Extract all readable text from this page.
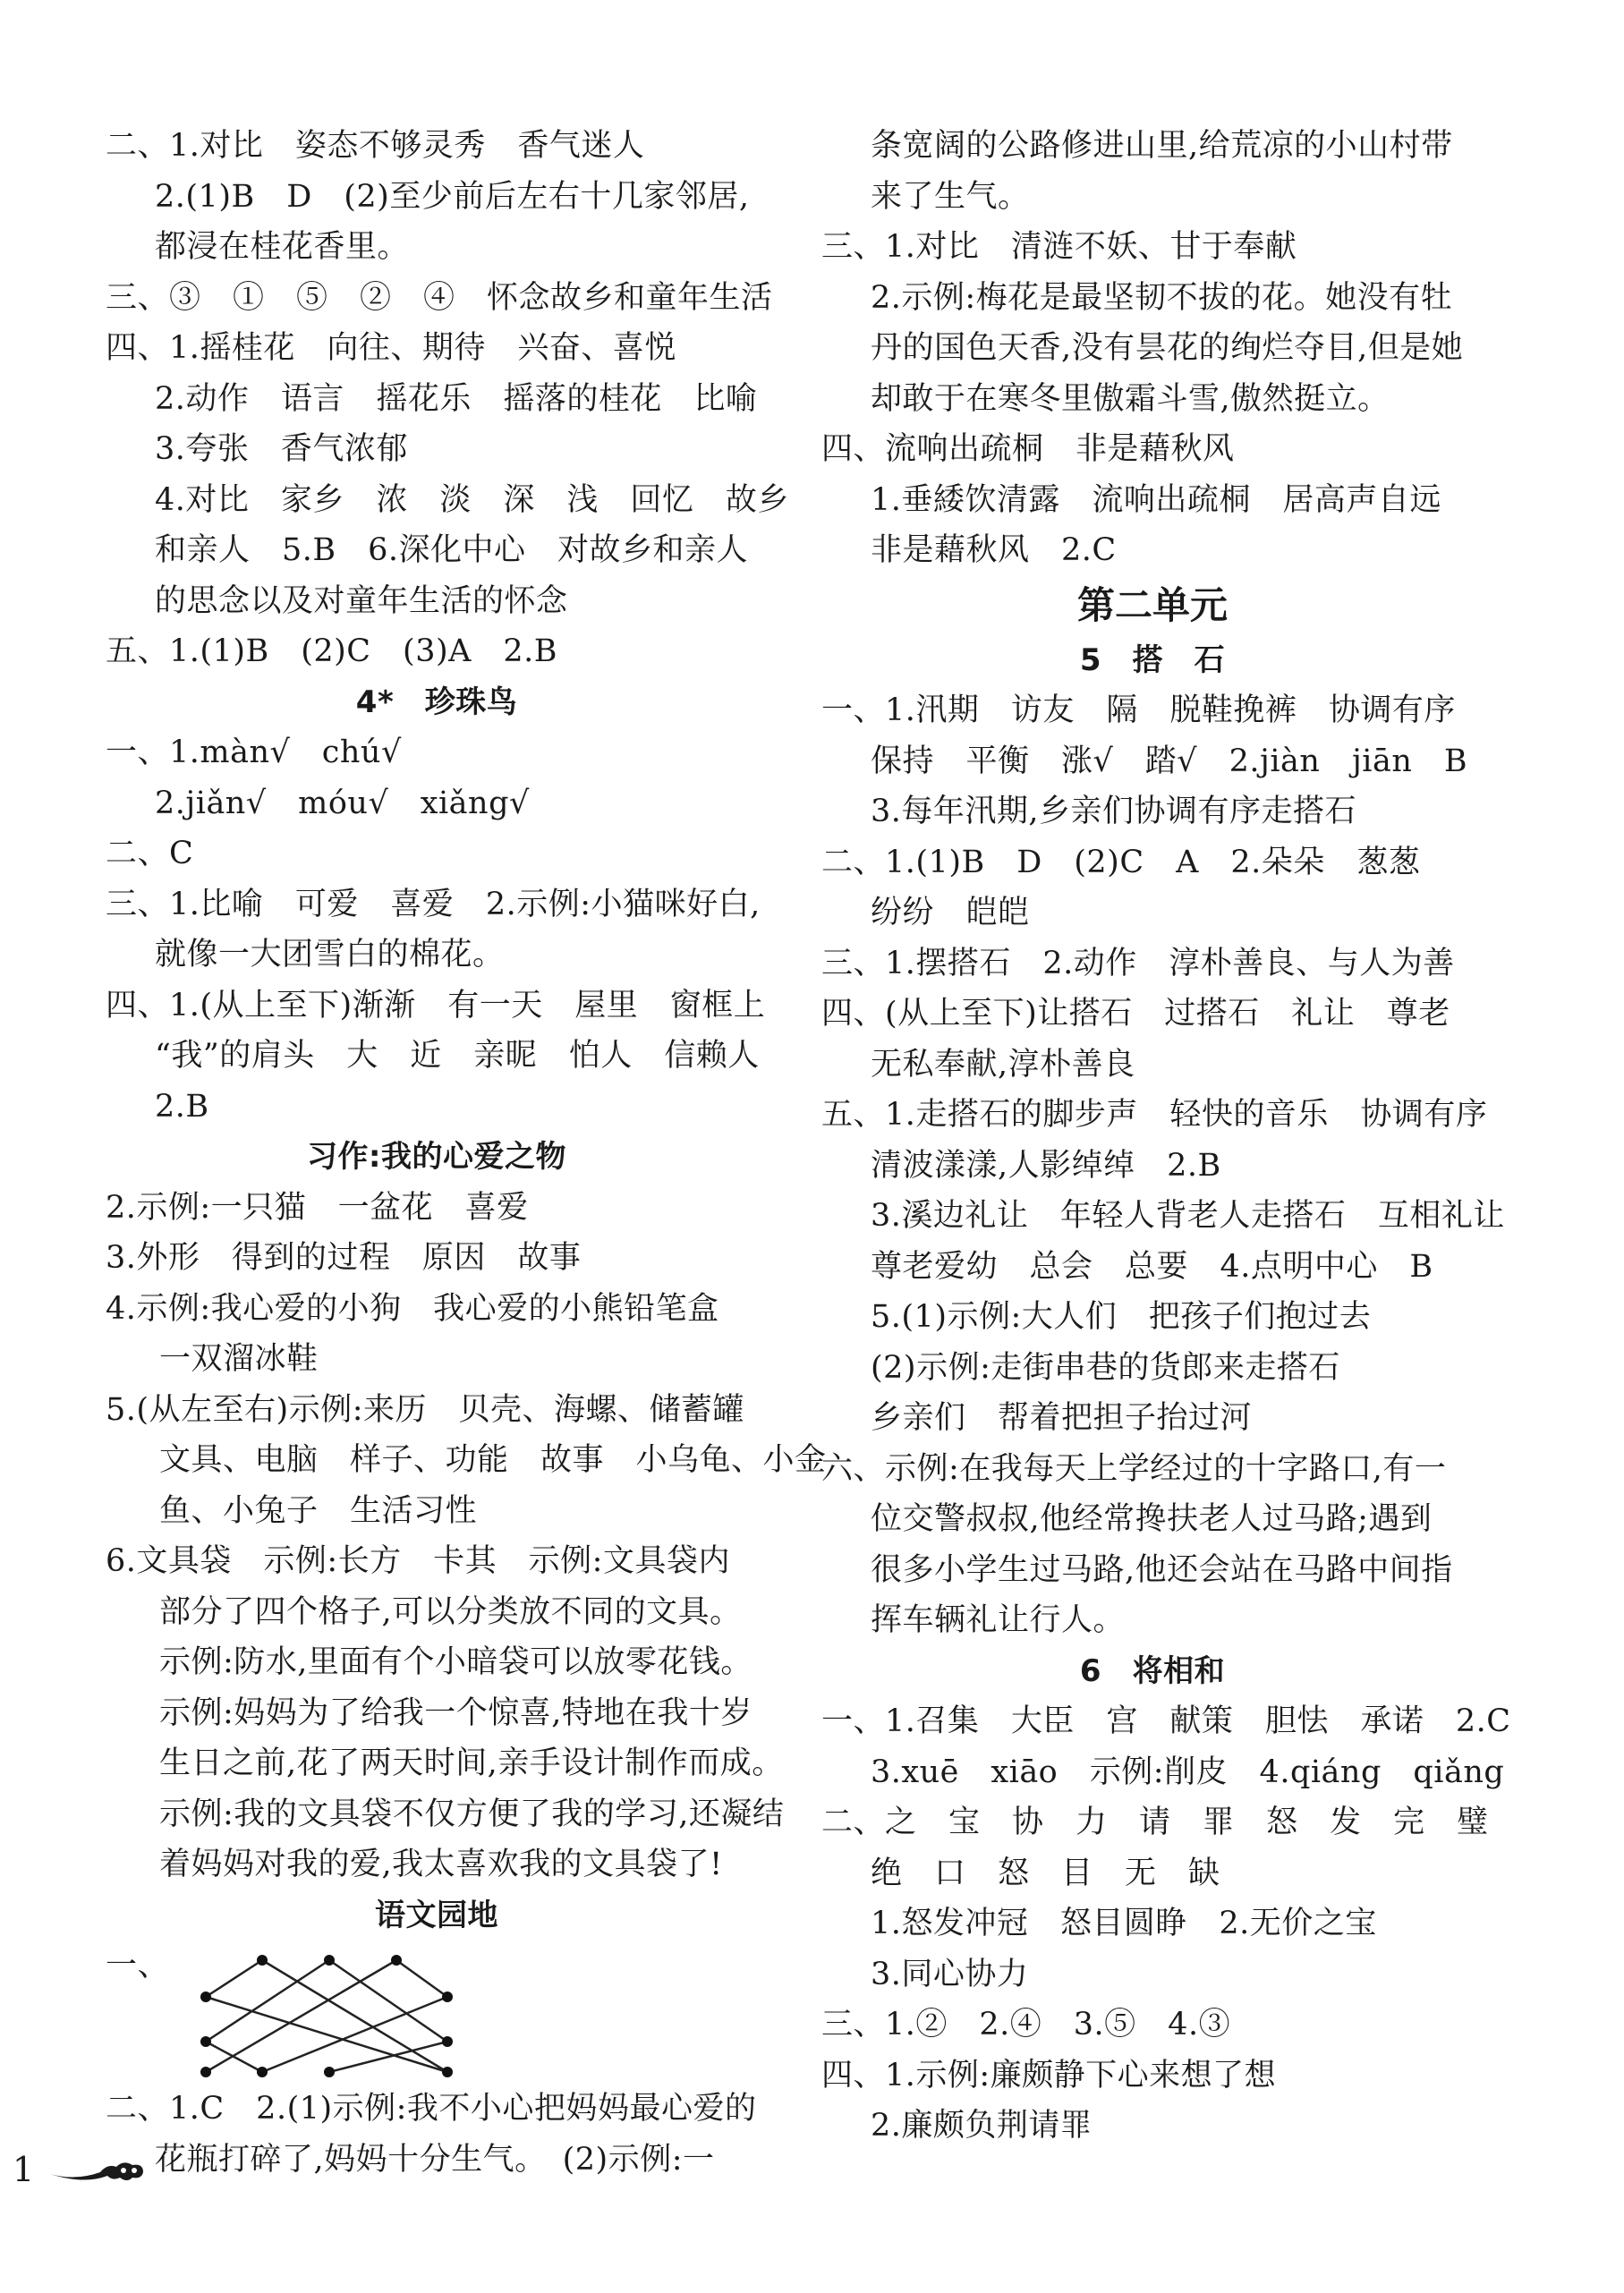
二、1.对比　姿态不够灵秀　香气迷人
2.(1)B　D　(2)至少前后左右十几家邻居,
都浸在桂花香里。
三、③　①　⑤　②　④　怀念故乡和童年生活
四、1.摇桂花　向往、期待　兴奋、喜悦
2.动作　语言　摇花乐　摇落的桂花　比喻
3.夸张　香气浓郁
4.对比　家乡　浓　淡　深　浅　回忆　故乡
和亲人　5.B　6.深化中心　对故乡和亲人
的思念以及对童年生活的怀念
五、1.(1)B　(2)C　(3)A　2.B
4*　珍珠鸟
一、1.màn√　chú√
2.jiǎn√　móu√　xiǎng√
二、C
三、1.比喻　可爱　喜爱　2.示例:小猫咪好白,
就像一大团雪白的棉花。
四、1.(从上至下)渐渐　有一天　屋里　窗框上
“我”的肩头　大　近　亲昵　怕人　信赖人
2.B
习作:我的心爱之物
2.示例:一只猫　一盆花　喜爱
3.外形　得到的过程　原因　故事
4.示例:我心爱的小狗　我心爱的小熊铅笔盒
一双溜冰鞋
5.(从左至右)示例:来历　贝壳、海螺、储蓄罐
文具、电脑　样子、功能　故事　小乌龟、小金
鱼、小兔子　生活习性
6.文具袋　示例:长方　卡其　示例:文具袋内
部分了四个格子,可以分类放不同的文具。
示例:防水,里面有个小暗袋可以放零花钱。
示例:妈妈为了给我一个惊喜,特地在我十岁
生日之前,花了两天时间,亲手设计制作而成。
示例:我的文具袋不仅方便了我的学习,还凝结
着妈妈对我的爱,我太喜欢我的文具袋了!
语文园地
一、
二、1.C　2.(1)示例:我不小心把妈妈最心爱的
花瓶打碎了,妈妈十分生气。　(2)示例:一
条宽阔的公路修进山里,给荒凉的小山村带
来了生气。
三、1.对比　清涟不妖、甘于奉献
2.示例:梅花是最坚韧不拔的花。她没有牡
丹的国色天香,没有昙花的绚烂夺目,但是她
却敢于在寒冬里傲霜斗雪,傲然挺立。
四、流响出疏桐　非是藉秋风
1.垂緌饮清露　流响出疏桐　居高声自远
非是藉秋风　2.C
第二单元
5　搭　石
一、1.汛期　访友　隔　脱鞋挽裤　协调有序
保持　平衡　涨√　踏√　2.jiàn　jiān　B
3.每年汛期,乡亲们协调有序走搭石
二、1.(1)B　D　(2)C　A　2.朵朵　葱葱
纷纷　皑皑
三、1.摆搭石　2.动作　淳朴善良、与人为善
四、(从上至下)让搭石　过搭石　礼让　尊老
无私奉献,淳朴善良
五、1.走搭石的脚步声　轻快的音乐　协调有序
清波漾漾,人影绰绰　2.B
3.溪边礼让　年轻人背老人走搭石　互相礼让
尊老爱幼　总会　总要　4.点明中心　B
5.(1)示例:大人们　把孩子们抱过去
(2)示例:走街串巷的货郎来走搭石
乡亲们　帮着把担子抬过河
六、示例:在我每天上学经过的十字路口,有一
位交警叔叔,他经常搀扶老人过马路;遇到
很多小学生过马路,他还会站在马路中间指
挥车辆礼让行人。
6　将相和
一、1.召集　大臣　宫　献策　胆怯　承诺　2.C
3.xuē　xiāo　示例:削皮　4.qiáng　qiǎng
二、之　宝　协　力　请　罪　怒　发　完　璧
绝　口　怒　目　无　缺
1.怒发冲冠　怒目圆睁　2.无价之宝
3.同心协力
三、1.②　2.④　3.⑤　4.③
四、1.示例:廉颇静下心来想了想
2.廉颇负荆请罪
1
